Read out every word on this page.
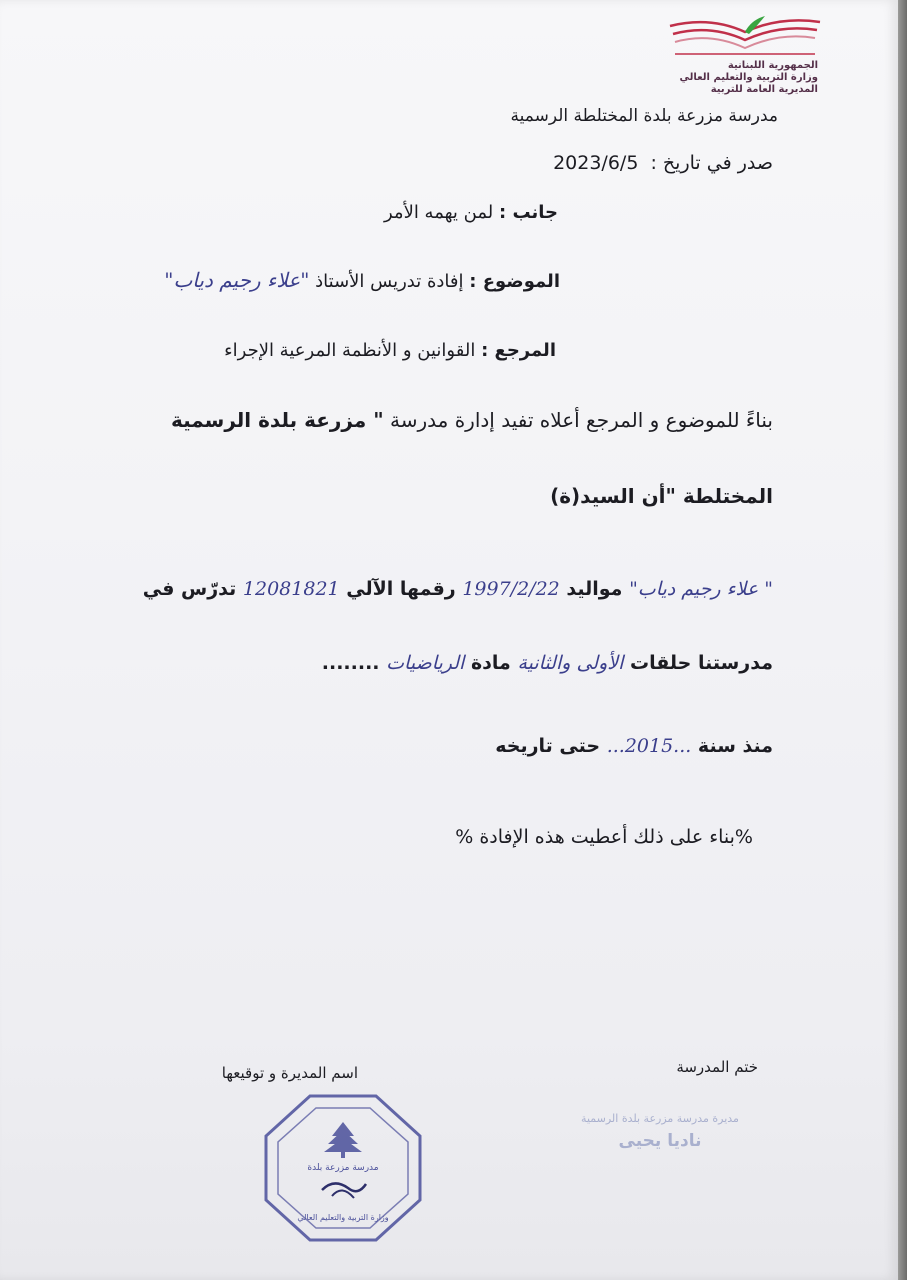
الجمهورية اللبنانية
وزارة التربية والتعليم العالي
المديرية العامة للتربية
مدرسة مزرعة بلدة المختلطة الرسمية
صدر في تاريخ : 2023/6/5
جانب : لمن يهمه الأمر
الموضوع : إفادة تدريس الأستاذ "علاء رجيم دياب"
المرجع : القوانين و الأنظمة المرعية الإجراء
بناءً للموضوع و المرجع أعلاه تفيد إدارة مدرسة " مزرعة بلدة الرسمية
المختلطة "أن السيد(ة)
" علاء رجيم دياب" مواليد 1997/2/22 رقمها الآلي 12081821 تدرّس في
مدرستنا حلقات الأولى والثانية مادة الرياضيات ........
منذ سنة ...2015... حتى تاريخه
%بناء على ذلك أعطيت هذه الإفادة %
ختم المدرسة
اسم المديرة و توقيعها
مديرة مدرسة مزرعة بلدة الرسمية
ناديا يحيى
مدرسة مزرعة بلدة
وزارة التربية والتعليم العالي
